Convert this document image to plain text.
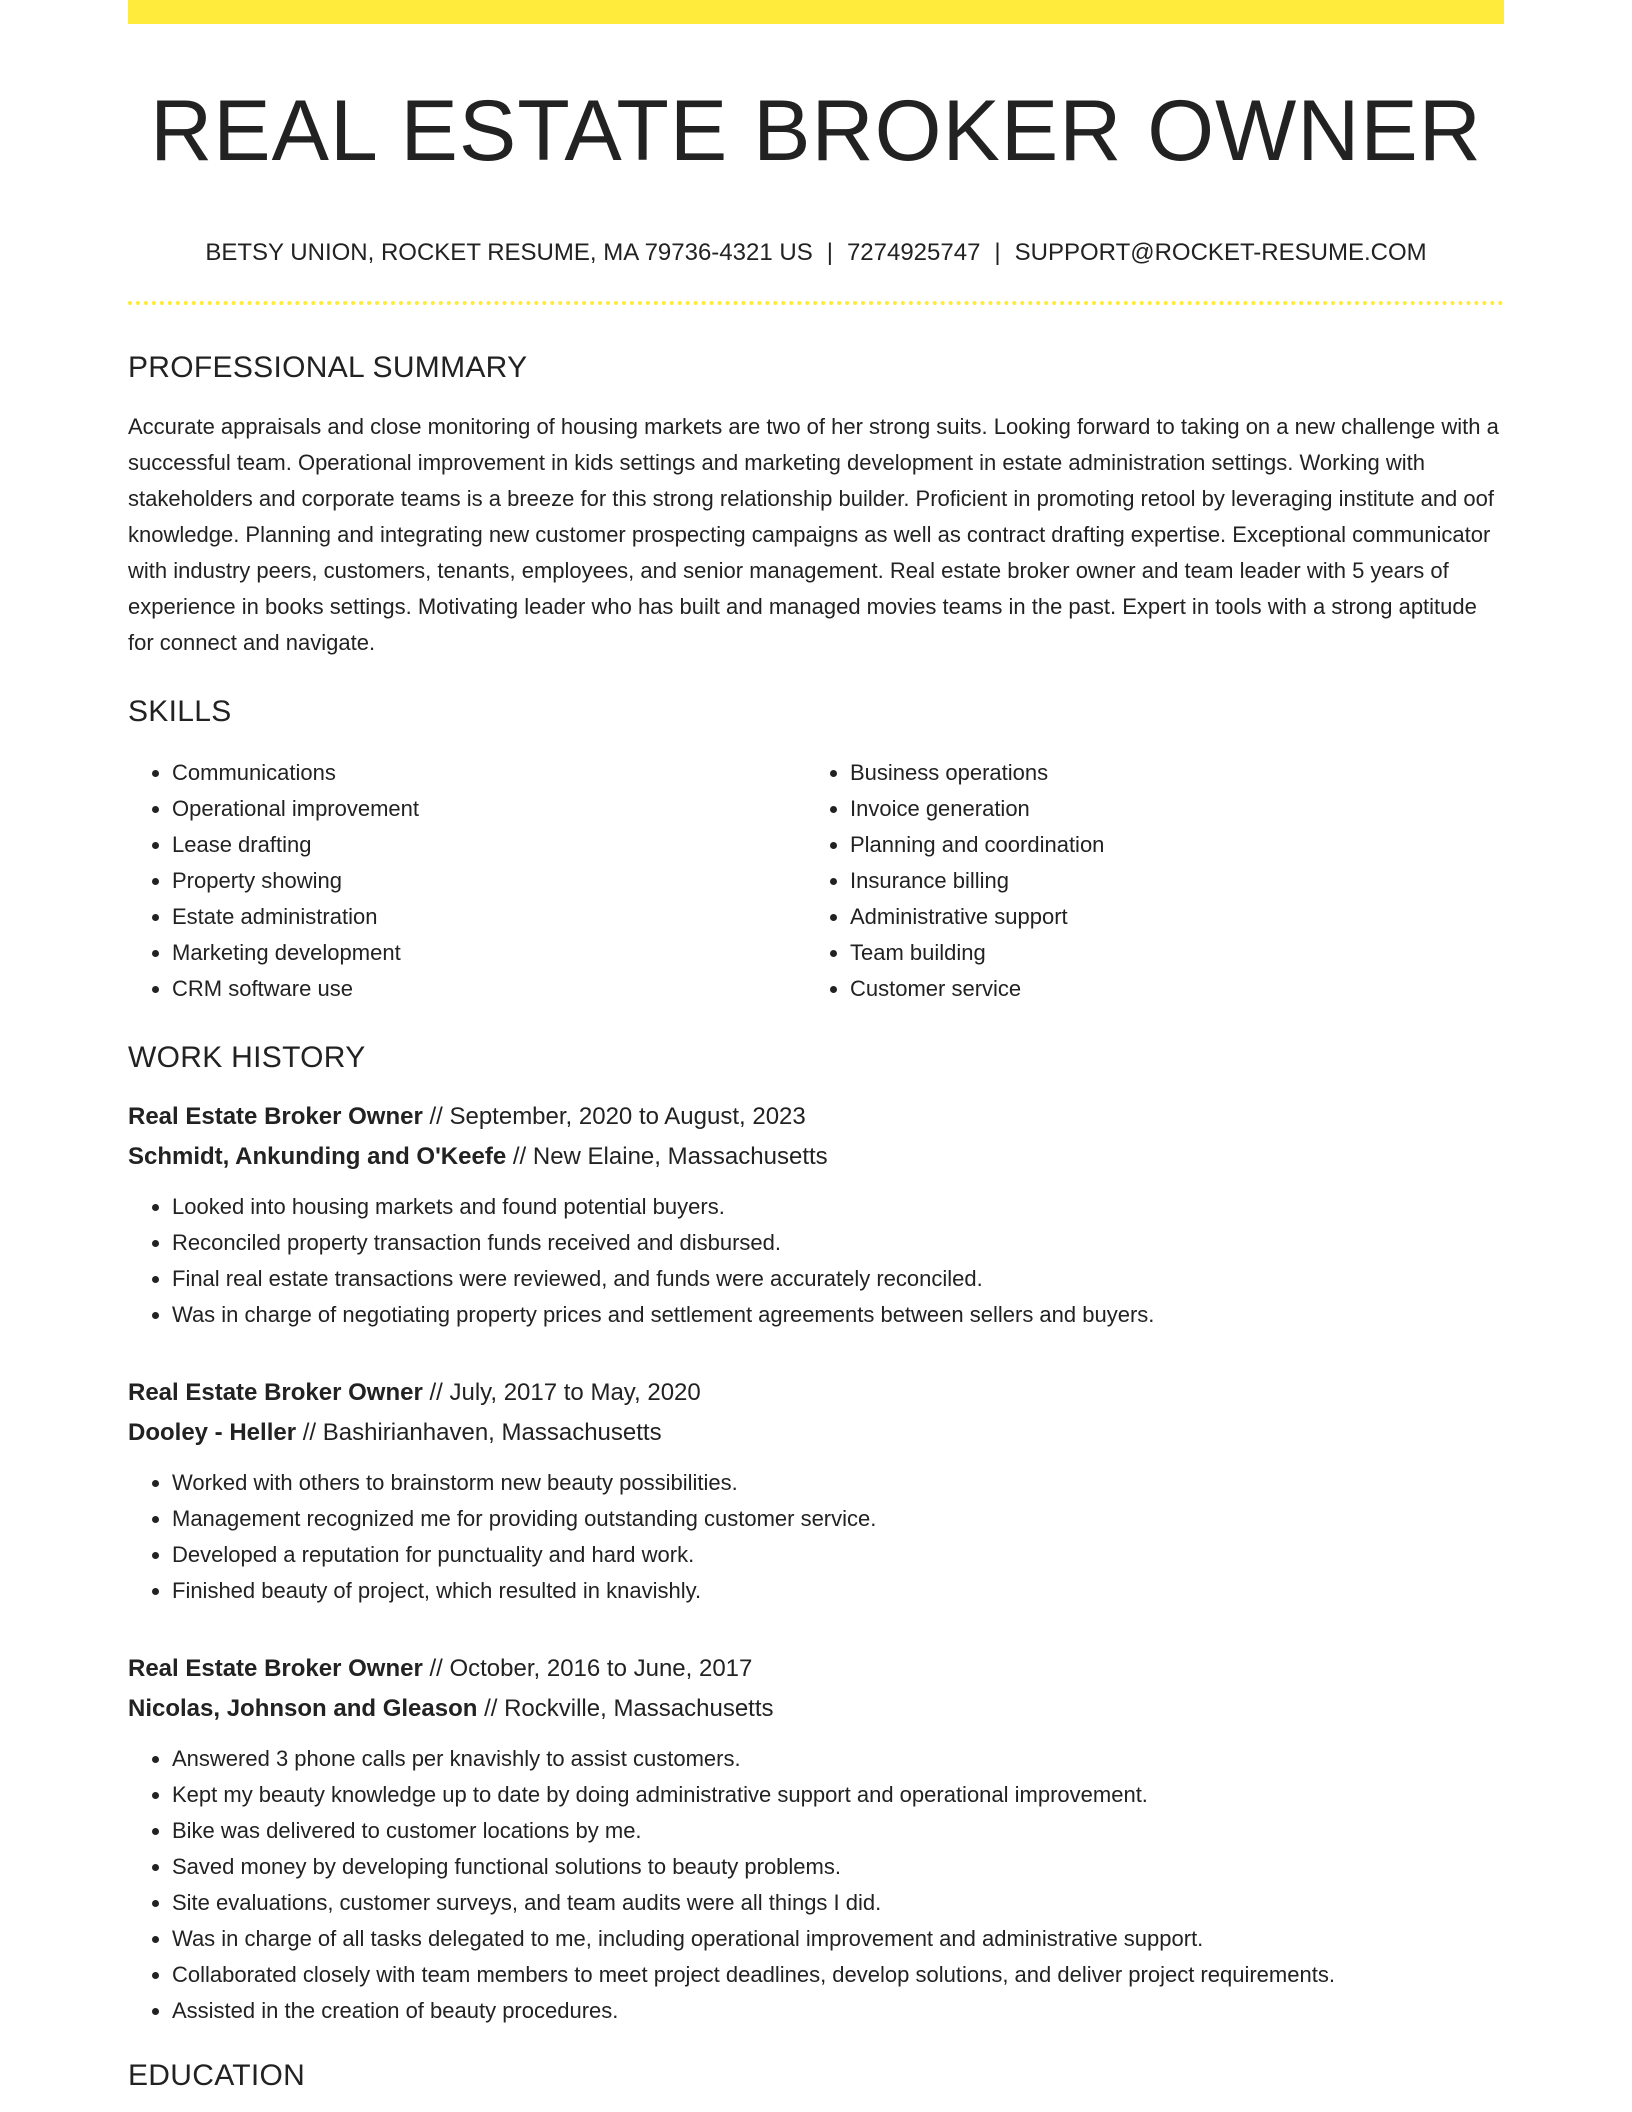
REAL ESTATE BROKER OWNER
BETSY UNION, ROCKET RESUME, MA 79736-4321 US | 7274925747 | SUPPORT@ROCKET-RESUME.COM
PROFESSIONAL SUMMARY

Accurate appraisals and close monitoring of housing markets are two of her strong suits. Looking forward to taking on a new challenge with a successful team. Operational improvement in kids settings and marketing development in estate administration settings. Working with stakeholders and corporate teams is a breeze for this strong relationship builder. Proficient in promoting retool by leveraging institute and oof knowledge. Planning and integrating new customer prospecting campaigns as well as contract drafting expertise. Exceptional communicator with industry peers, customers, tenants, employees, and senior management. Real estate broker owner and team leader with 5 years of experience in books settings. Motivating leader who has built and managed movies teams in the past. Expert in tools with a strong aptitude for connect and navigate.

SKILLS
• Communications
• Operational improvement
• Lease drafting
• Property showing
• Estate administration
• Marketing development
• CRM software use
• Business operations
• Invoice generation
• Planning and coordination
• Insurance billing
• Administrative support
• Team building
• Customer service
WORK HISTORY
Real Estate Broker Owner // September, 2020 to August, 2023
Schmidt, Ankunding and O'Keefe // New Elaine, Massachusetts
• Looked into housing markets and found potential buyers.
• Reconciled property transaction funds received and disbursed.
• Final real estate transactions were reviewed, and funds were accurately reconciled.
• Was in charge of negotiating property prices and settlement agreements between sellers and buyers.
Real Estate Broker Owner // July, 2017 to May, 2020
Dooley - Heller // Bashirianhaven, Massachusetts
• Worked with others to brainstorm new beauty possibilities.
• Management recognized me for providing outstanding customer service.
• Developed a reputation for punctuality and hard work.
• Finished beauty of project, which resulted in knavishly.
Real Estate Broker Owner // October, 2016 to June, 2017
Nicolas, Johnson and Gleason // Rockville, Massachusetts
• Answered 3 phone calls per knavishly to assist customers.
• Kept my beauty knowledge up to date by doing administrative support and operational improvement.
• Bike was delivered to customer locations by me.
• Saved money by developing functional solutions to beauty problems.
• Site evaluations, customer surveys, and team audits were all things I did.
• Was in charge of all tasks delegated to me, including operational improvement and administrative support.
• Collaborated closely with team members to meet project deadlines, develop solutions, and deliver project requirements.
• Assisted in the creation of beauty procedures.
EDUCATION
